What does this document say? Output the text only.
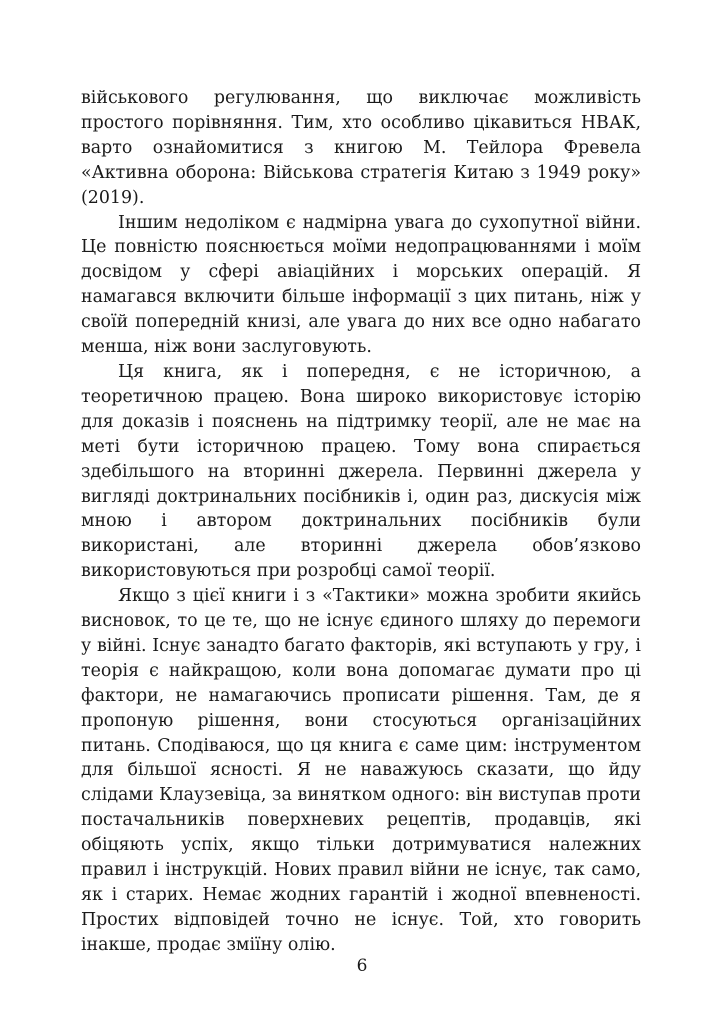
військового регулювання, що виключає можливість простого порівняння. Тим, хто особливо цікавиться НВАК, варто ознайомитися з книгою М. Тейлора Фревела «Активна оборона: Військова стратегія Китаю з 1949 року» (2019).

Іншим недоліком є надмірна увага до сухопутної війни. Це повністю пояснюється моїми недопрацюваннями і моїм досвідом у сфері авіаційних і морських операцій. Я намагався включити більше інформації з цих питань, ніж у своїй попередній книзі, але увага до них все одно набагато менша, ніж вони заслуговують.

Ця книга, як і попередня, є не історичною, а теоретичною працею. Вона широко використовує історію для доказів і пояснень на підтримку теорії, але не має на меті бути історичною працею. Тому вона спирається здебільшого на вторинні джерела. Первинні джерела у вигляді доктринальних посібників і, один раз, дискусія між мною і автором доктринальних посібників були використані, але вторинні джерела обов’язково використовуються при розробці самої теорії.

Якщо з цієї книги і з «Тактики» можна зробити якийсь висновок, то це те, що не існує єдиного шляху до перемоги у війні. Існує занадто багато факторів, які вступають у гру, і теорія є найкращою, коли вона допомагає думати про ці фактори, не намагаючись прописати рішення. Там, де я пропоную рішення, вони стосуються організаційних питань. Сподіваюся, що ця книга є саме цим: інструментом для більшої ясності. Я не наважуюсь сказати, що йду слідами Клаузевіца, за винятком одного: він виступав проти постачальників поверхневих рецептів, продавців, які обіцяють успіх, якщо тільки дотримуватися належних правил і інструкцій. Нових правил війни не існує, так само, як і старих. Немає жодних гарантій і жодної впевненості. Простих відповідей точно не існує. Той, хто говорить інакше, продає зміїну олію.

6
